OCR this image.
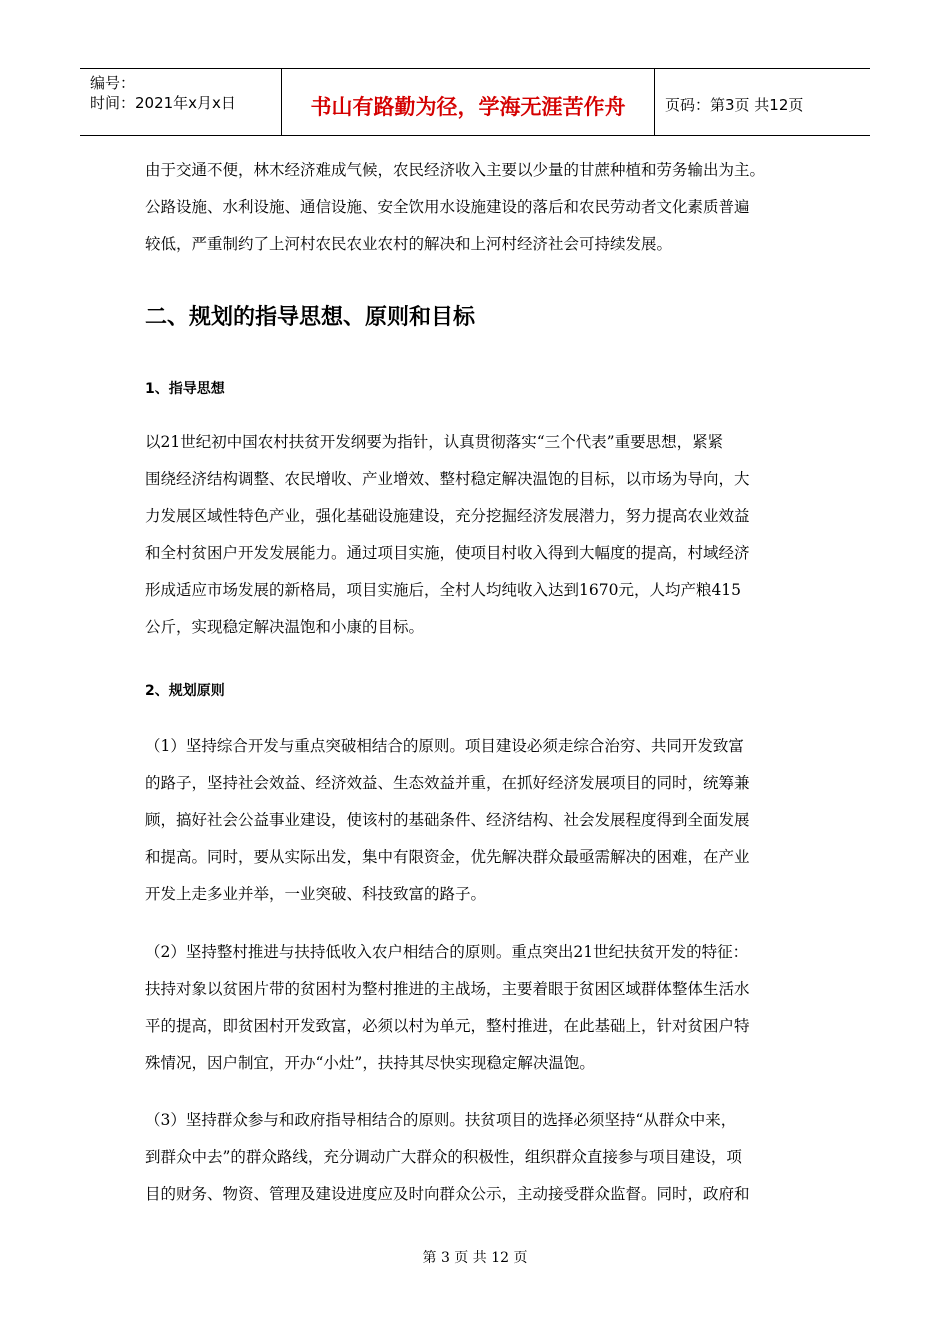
编号：
时间：2021年x月x日	书山有路勤为径，学海无涯苦作舟	页码：第3页 共12页
由于交通不便，林木经济难成气候，农民经济收入主要以少量的甘蔗种植和劳务输出为主。
公路设施、水利设施、通信设施、安全饮用水设施建设的落后和农民劳动者文化素质普遍
较低，严重制约了上河村农民农业农村的解决和上河村经济社会可持续发展。
二、规划的指导思想、原则和目标
1、指导思想
以21世纪初中国农村扶贫开发纲要为指针，认真贯彻落实“三个代表”重要思想，紧紧
围绕经济结构调整、农民增收、产业增效、整村稳定解决温饱的目标，以市场为导向，大
力发展区域性特色产业，强化基础设施建设，充分挖掘经济发展潜力，努力提高农业效益
和全村贫困户开发发展能力。通过项目实施，使项目村收入得到大幅度的提高，村域经济
形成适应市场发展的新格局，项目实施后，全村人均纯收入达到1670元，人均产粮415
公斤，实现稳定解决温饱和小康的目标。
2、规划原则
（1）坚持综合开发与重点突破相结合的原则。项目建设必须走综合治穷、共同开发致富
的路子，坚持社会效益、经济效益、生态效益并重，在抓好经济发展项目的同时，统筹兼
顾，搞好社会公益事业建设，使该村的基础条件、经济结构、社会发展程度得到全面发展
和提高。同时，要从实际出发，集中有限资金，优先解决群众最亟需解决的困难，在产业
开发上走多业并举，一业突破、科技致富的路子。
（2）坚持整村推进与扶持低收入农户相结合的原则。重点突出21世纪扶贫开发的特征：
扶持对象以贫困片带的贫困村为整村推进的主战场，主要着眼于贫困区域群体整体生活水
平的提高，即贫困村开发致富，必须以村为单元，整村推进，在此基础上，针对贫困户特
殊情况，因户制宜，开办“小灶”，扶持其尽快实现稳定解决温饱。
（3）坚持群众参与和政府指导相结合的原则。扶贫项目的选择必须坚持“从群众中来，
到群众中去”的群众路线，充分调动广大群众的积极性，组织群众直接参与项目建设，项
目的财务、物资、管理及建设进度应及时向群众公示，主动接受群众监督。同时，政府和
第 3 页 共 12 页
